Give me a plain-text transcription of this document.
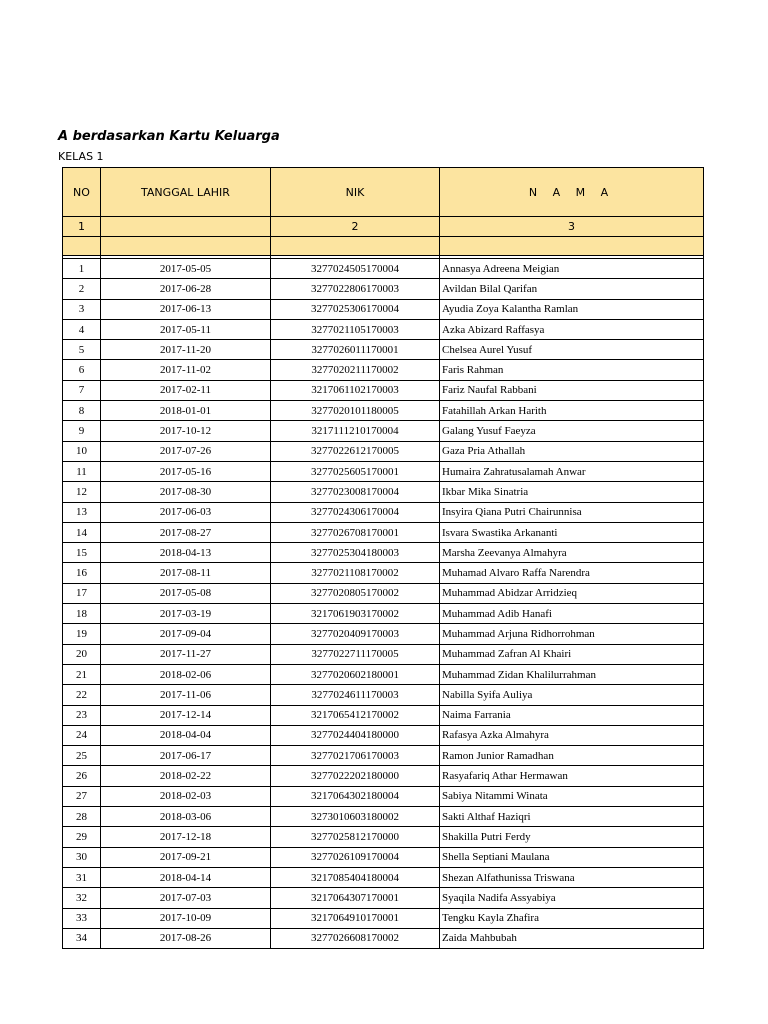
A berdasarkan Kartu Keluarga

KELAS 1

NO	TANGGAL LAHIR	NIK	N A M A
1		2	3

1	2017-05-05	3277024505170004	Annasya Adreena Meigian
2	2017-06-28	3277022806170003	Avildan Bilal Qarifan
3	2017-06-13	3277025306170004	Ayudia Zoya Kalantha Ramlan
4	2017-05-11	3277021105170003	Azka Abizard Raffasya
5	2017-11-20	3277026011170001	Chelsea Aurel Yusuf
6	2017-11-02	3277020211170002	Faris Rahman
7	2017-02-11	3217061102170003	Fariz Naufal Rabbani
8	2018-01-01	3277020101180005	Fatahillah Arkan Harith
9	2017-10-12	3217111210170004	Galang Yusuf Faeyza
10	2017-07-26	3277022612170005	Gaza Pria Athallah
11	2017-05-16	3277025605170001	Humaira Zahratusalamah Anwar
12	2017-08-30	3277023008170004	Ikbar Mika Sinatria
13	2017-06-03	3277024306170004	Insyira Qiana Putri Chairunnisa
14	2017-08-27	3277026708170001	Isvara Swastika Arkananti
15	2018-04-13	3277025304180003	Marsha Zeevanya Almahyra
16	2017-08-11	3277021108170002	Muhamad Alvaro Raffa Narendra
17	2017-05-08	3277020805170002	Muhammad Abidzar Arridzieq
18	2017-03-19	3217061903170002	Muhammad Adib Hanafi
19	2017-09-04	3277020409170003	Muhammad Arjuna Ridhorrohman
20	2017-11-27	3277022711170005	Muhammad Zafran Al Khairi
21	2018-02-06	3277020602180001	Muhammad Zidan Khalilurrahman
22	2017-11-06	3277024611170003	Nabilla Syifa Auliya
23	2017-12-14	3217065412170002	Naima Farrania
24	2018-04-04	3277024404180000	Rafasya Azka Almahyra
25	2017-06-17	3277021706170003	Ramon Junior Ramadhan
26	2018-02-22	3277022202180000	Rasyafariq Athar Hermawan
27	2018-02-03	3217064302180004	Sabiya Nitammi Winata
28	2018-03-06	3273010603180002	Sakti Althaf Haziqri
29	2017-12-18	3277025812170000	Shakilla Putri Ferdy
30	2017-09-21	3277026109170004	Shella Septiani Maulana
31	2018-04-14	3217085404180004	Shezan Alfathunissa Triswana
32	2017-07-03	3217064307170001	Syaqila Nadifa Assyabiya
33	2017-10-09	3217064910170001	Tengku Kayla Zhafira
34	2017-08-26	3277026608170002	Zaida Mahbubah
